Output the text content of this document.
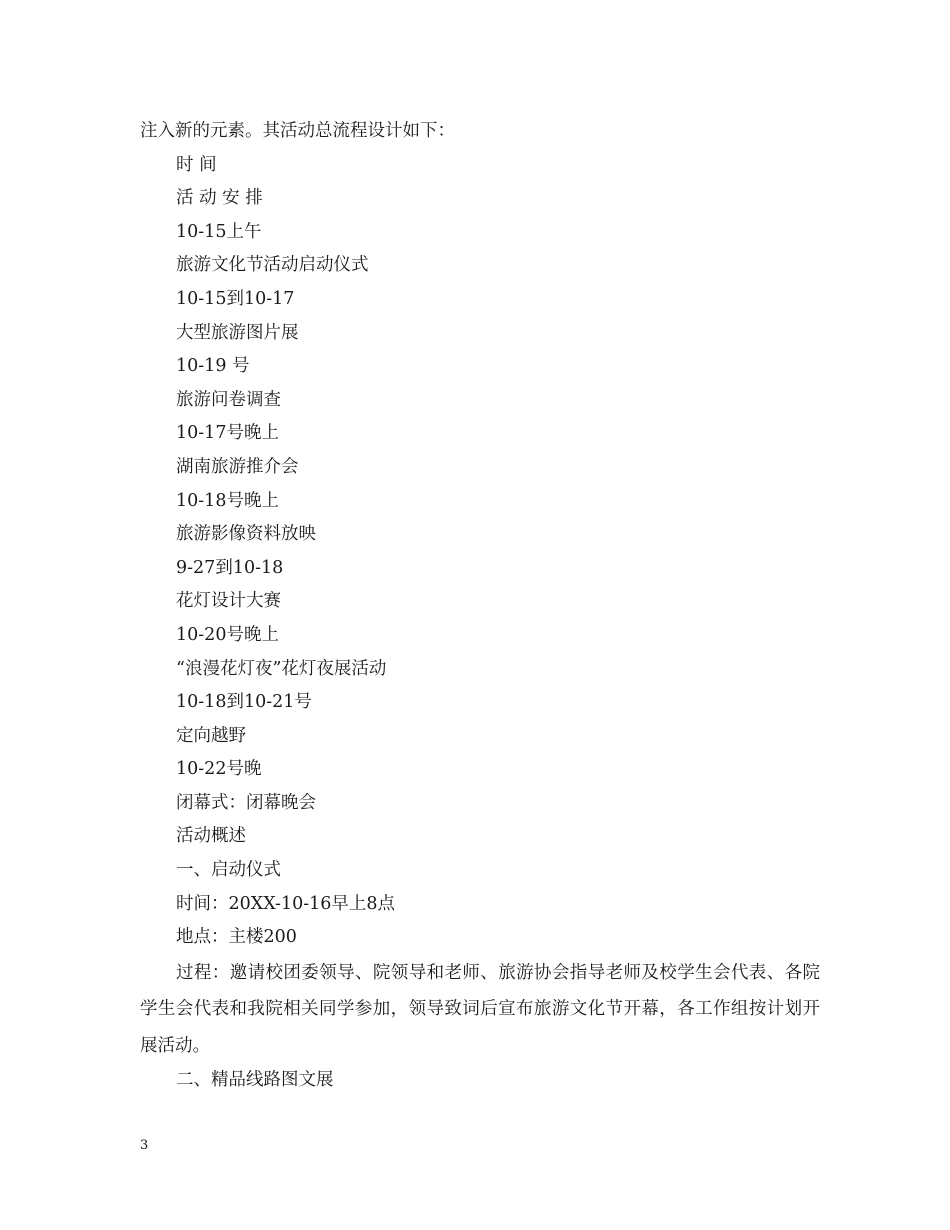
注入新的元素。其活动总流程设计如下：

时 间

活 动 安 排

10-15上午

旅游文化节活动启动仪式

10-15到10-17

大型旅游图片展

10-19 号

旅游问卷调查

10-17号晚上

湖南旅游推介会

10-18号晚上

旅游影像资料放映

9-27到10-18

花灯设计大赛

10-20号晚上

“浪漫花灯夜”花灯夜展活动

10-18到10-21号

定向越野

10-22号晚

闭幕式：闭幕晚会

活动概述

一、启动仪式

时间：20XX-10-16早上8点

地点：主楼200

过程：邀请校团委领导、院领导和老师、旅游协会指导老师及校学生会代表、各院学生会代表和我院相关同学参加，领导致词后宣布旅游文化节开幕，各工作组按计划开展活动。

二、精品线路图文展

3
